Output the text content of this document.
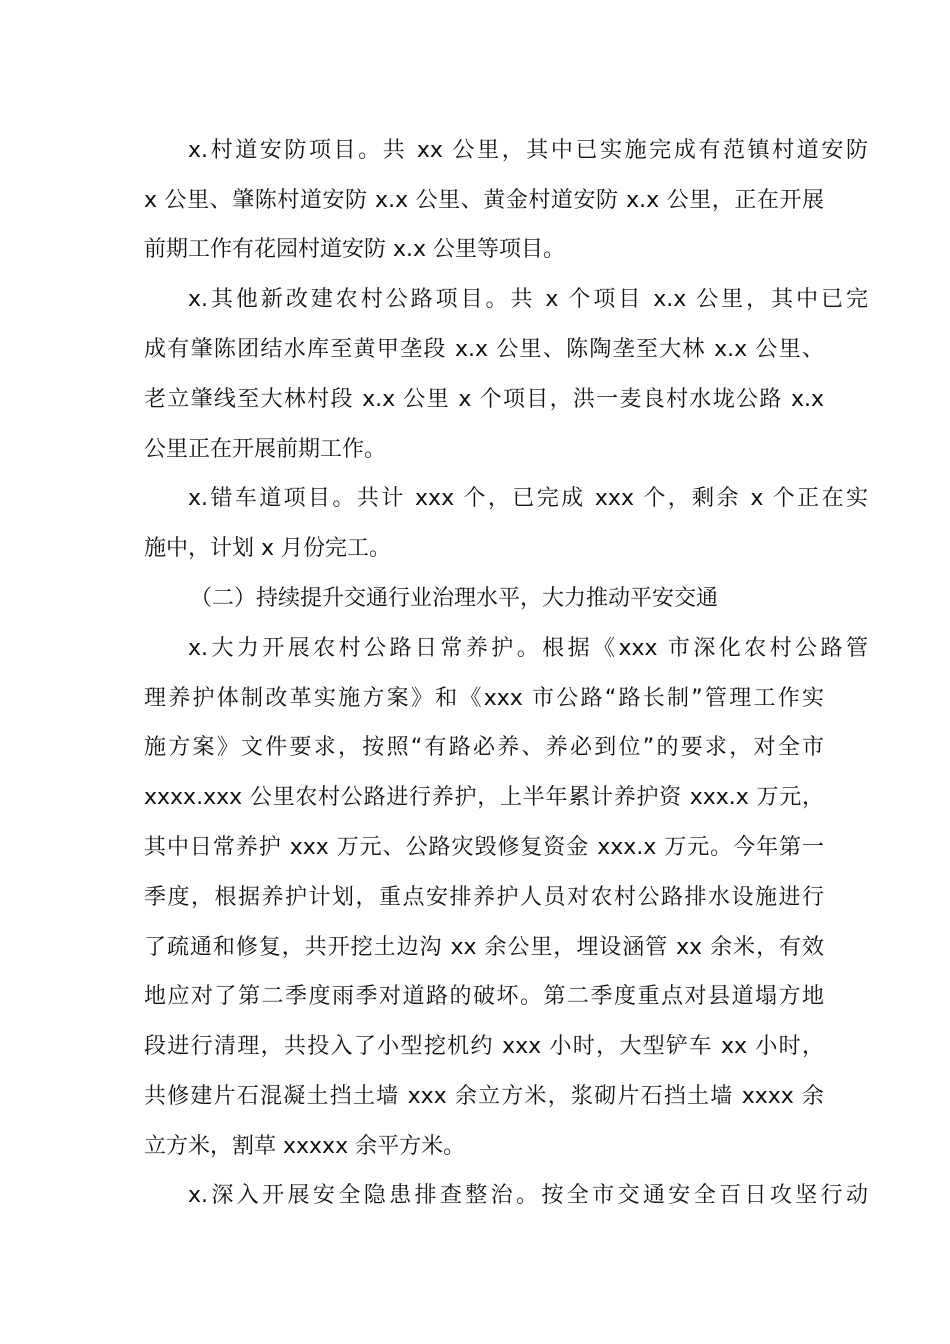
x.村道安防项目。共 xx 公里，其中已实施完成有范镇村道安防
x 公里、肇陈村道安防 x.x 公里、黄金村道安防 x.x 公里，正在开展
前期工作有花园村道安防 x.x 公里等项目。
x.其他新改建农村公路项目。共 x 个项目 x.x 公里，其中已完
成有肇陈团结水库至黄甲垄段 x.x 公里、陈陶垄至大林 x.x 公里、
老立肇线至大林村段 x.x 公里 x 个项目，洪一麦良村水垅公路 x.x
公里正在开展前期工作。
x.错车道项目。共计 xxx 个，已完成 xxx 个，剩余 x 个正在实
施中，计划 x 月份完工。
（二）持续提升交通行业治理水平，大力推动平安交通
x.大力开展农村公路日常养护。根据《xxx 市深化农村公路管
理养护体制改革实施方案》和《xxx 市公路“路长制”管理工作实
施方案》文件要求，按照“有路必养、养必到位”的要求，对全市
xxxx.xxx 公里农村公路进行养护，上半年累计养护资 xxx.x 万元，
其中日常养护 xxx 万元、公路灾毁修复资金 xxx.x 万元。今年第一
季度，根据养护计划，重点安排养护人员对农村公路排水设施进行
了疏通和修复，共开挖土边沟 xx 余公里，埋设涵管 xx 余米，有效
地应对了第二季度雨季对道路的破坏。第二季度重点对县道塌方地
段进行清理，共投入了小型挖机约 xxx 小时，大型铲车 xx 小时，
共修建片石混凝土挡土墙 xxx 余立方米，浆砌片石挡土墙 xxxx 余
立方米，割草 xxxxx 余平方米。
x.深入开展安全隐患排查整治。按全市交通安全百日攻坚行动
